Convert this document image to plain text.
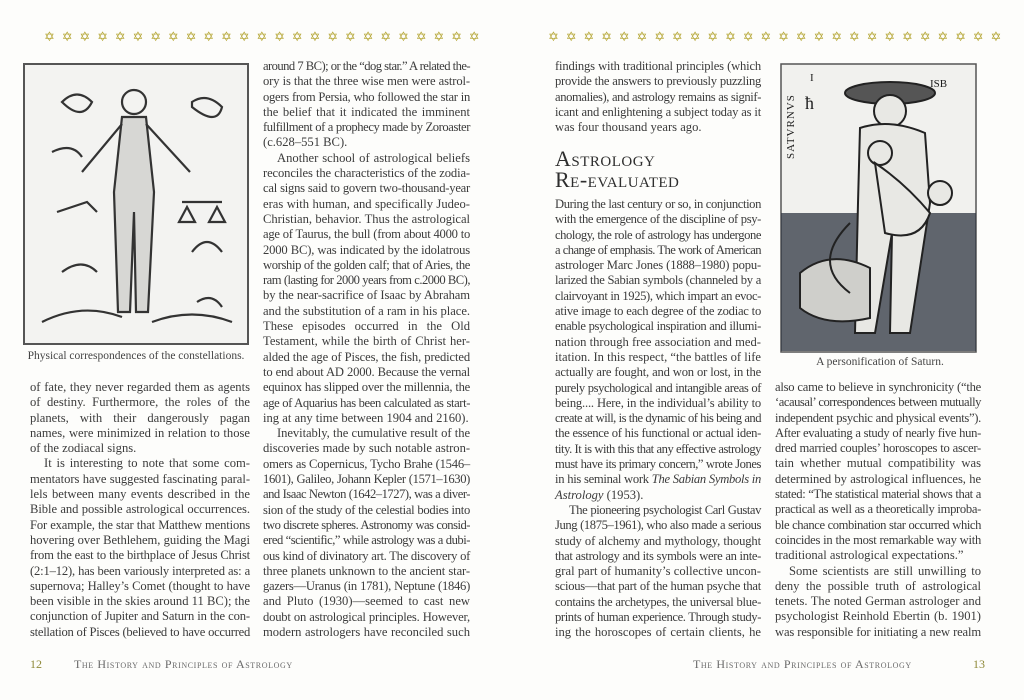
✡ ✡ ✡ ✡ ✡ ✡ ✡ ✡ ✡ ✡ ✡ ✡ ✡ ✡ ✡ ✡ ✡ ✡ ✡ ✡ ✡ ✡ ✡ ✡ ✡	✡ ✡ ✡ ✡ ✡ ✡ ✡ ✡ ✡ ✡ ✡ ✡ ✡ ✡ ✡ ✡ ✡ ✡ ✡ ✡ ✡ ✡ ✡ ✡ ✡ ✡
Physical correspondences of the constellations.
of fate, they never regarded them as agents
of destiny. Furthermore, the roles of the
planets, with their dangerously pagan
names, were minimized in relation to those
of the zodiacal signs.
It is interesting to note that some com-
mentators have suggested fascinating paral-
lels between many events described in the
Bible and possible astrological occurrences.
For example, the star that Matthew mentions
hovering over Bethlehem, guiding the Magi
from the east to the birthplace of Jesus Christ
(2:1–12), has been variously interpreted as: a
supernova; Halley’s Comet (thought to have
been visible in the skies around 11 BC); the
conjunction of Jupiter and Saturn in the con-
stellation of Pisces (believed to have occurred
around 7 BC); or the “dog star.” A related the-
ory is that the three wise men were astrol-
ogers from Persia, who followed the star in
the belief that it indicated the imminent
fulfillment of a prophecy made by Zoroaster
(c.628–551 BC).
Another school of astrological beliefs
reconciles the characteristics of the zodia-
cal signs said to govern two-thousand-year
eras with human, and specifically Judeo-
Christian, behavior. Thus the astrological
age of Taurus, the bull (from about 4000 to
2000 BC), was indicated by the idolatrous
worship of the golden calf; that of Aries, the
ram (lasting for 2000 years from c.2000 BC),
by the near-sacrifice of Isaac by Abraham
and the substitution of a ram in his place.
These episodes occurred in the Old
Testament, while the birth of Christ her-
alded the age of Pisces, the fish, predicted
to end about AD 2000. Because the vernal
equinox has slipped over the millennia, the
age of Aquarius has been calculated as start-
ing at any time between 1904 and 2160).
Inevitably, the cumulative result of the
discoveries made by such notable astron-
omers as Copernicus, Tycho Brahe (1546–
1601), Galileo, Johann Kepler (1571–1630)
and Isaac Newton (1642–1727), was a diver-
sion of the study of the celestial bodies into
two discrete spheres. Astronomy was consid-
ered “scientific,” while astrology was a dubi-
ous kind of divinatory art. The discovery of
three planets unknown to the ancient star-
gazers—Uranus (in 1781), Neptune (1846)
and Pluto (1930)—seemed to cast new
doubt on astrological principles. However,
modern astrologers have reconciled such
12	The History and Principles of Astrology
findings with traditional principles (which
provide the answers to previously puzzling
anomalies), and astrology remains as signif-
icant and enlightening a subject today as it
was four thousand years ago.
Astrology
Re-evaluated
During the last century or so, in conjunction
with the emergence of the discipline of psy-
chology, the role of astrology has undergone
a change of emphasis. The work of American
astrologer Marc Jones (1888–1980) popu-
larized the Sabian symbols (channeled by a
clairvoyant in 1925), which impart an evoc-
ative image to each degree of the zodiac to
enable psychological inspiration and illumi-
nation through free association and med-
itation. In this respect, “the battles of life
actually are fought, and won or lost, in the
purely psychological and intangible areas of
being.... Here, in the individual’s ability to
create at will, is the dynamic of his being and
the essence of his functional or actual iden-
tity. It is with this that any effective astrology
must have its primary concern,” wrote Jones
in his seminal work The Sabian Symbols in
Astrology (1953).
The pioneering psychologist Carl Gustav
Jung (1875–1961), who also made a serious
study of alchemy and mythology, thought
that astrology and its symbols were an inte-
gral part of humanity’s collective uncon-
scious—that part of the human psyche that
contains the archetypes, the universal blue-
prints of human experience. Through study-
ing the horoscopes of certain clients, he
SATVRNVS
I
ħ
ISB
A personification of Saturn.
also came to believe in synchronicity (“the
‘acausal’ correspondences between mutually
independent psychic and physical events”).
After evaluating a study of nearly five hun-
dred married couples’ horoscopes to ascer-
tain whether mutual compatibility was
determined by astrological influences, he
stated: “The statistical material shows that a
practical as well as a theoretically improba-
ble chance combination star occurred which
coincides in the most remarkable way with
traditional astrological expectations.”
Some scientists are still unwilling to
deny the possible truth of astrological
tenets. The noted German astrologer and
psychologist Reinhold Ebertin (b. 1901)
was responsible for initiating a new realm
The History and Principles of Astrology	13
